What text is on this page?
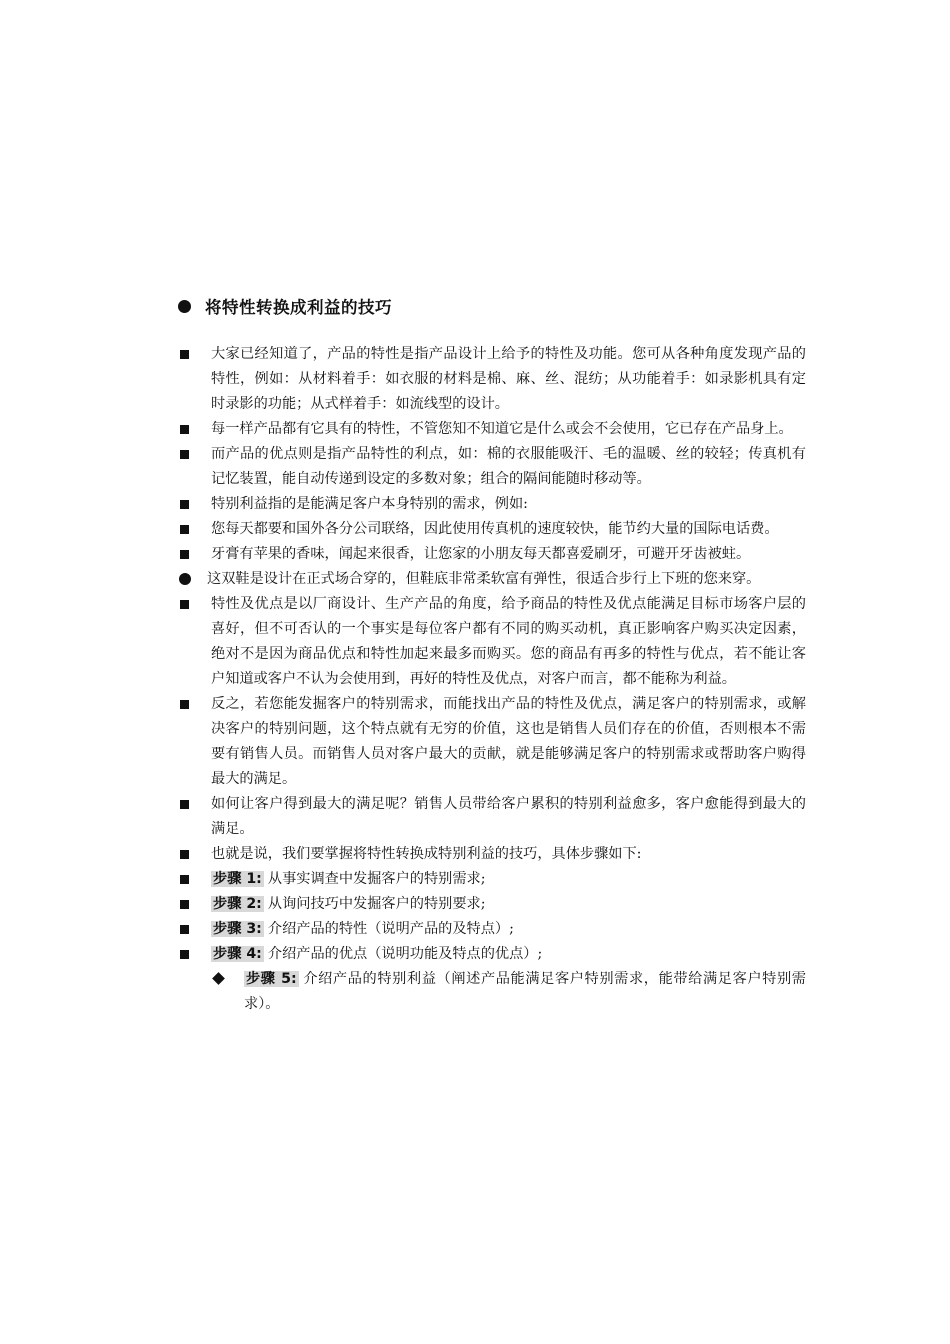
将特性转换成利益的技巧
大家已经知道了，产品的特性是指产品设计上给予的特性及功能。您可从各种角度发现产品的特性，例如：从材料着手：如衣服的材料是棉、麻、丝、混纺；从功能着手：如录影机具有定时录影的功能；从式样着手：如流线型的设计。
每一样产品都有它具有的特性，不管您知不知道它是什么或会不会使用，它已存在产品身上。
而产品的优点则是指产品特性的利点，如：棉的衣服能吸汗、毛的温暖、丝的较轻；传真机有记忆装置，能自动传递到设定的多数对象；组合的隔间能随时移动等。
特别利益指的是能满足客户本身特别的需求，例如:
您每天都要和国外各分公司联络，因此使用传真机的速度较快，能节约大量的国际电话费。
牙膏有苹果的香味，闻起来很香，让您家的小朋友每天都喜爱刷牙，可避开牙齿被蛀。
这双鞋是设计在正式场合穿的，但鞋底非常柔软富有弹性，很适合步行上下班的您来穿。
特性及优点是以厂商设计、生产产品的角度，给予商品的特性及优点能满足目标市场客户层的喜好，但不可否认的一个事实是每位客户都有不同的购买动机，真正影响客户购买决定因素，绝对不是因为商品优点和特性加起来最多而购买。您的商品有再多的特性与优点，若不能让客户知道或客户不认为会使用到，再好的特性及优点，对客户而言，都不能称为利益。
反之，若您能发掘客户的特别需求，而能找出产品的特性及优点，满足客户的特别需求，或解决客户的特别问题，这个特点就有无穷的价值，这也是销售人员们存在的价值，否则根本不需要有销售人员。而销售人员对客户最大的贡献，就是能够满足客户的特别需求或帮助客户购得最大的满足。
如何让客户得到最大的满足呢？销售人员带给客户累积的特别利益愈多，客户愈能得到最大的满足。
也就是说，我们要掌握将特性转换成特别利益的技巧，具体步骤如下:
步骤 1: 从事实调查中发掘客户的特别需求;
步骤 2: 从询问技巧中发掘客户的特别要求;
步骤 3: 介绍产品的特性（说明产品的及特点）;
步骤 4: 介绍产品的优点（说明功能及特点的优点）;
步骤 5: 介绍产品的特别利益（阐述产品能满足客户特别需求，能带给满足客户特别需求）。
